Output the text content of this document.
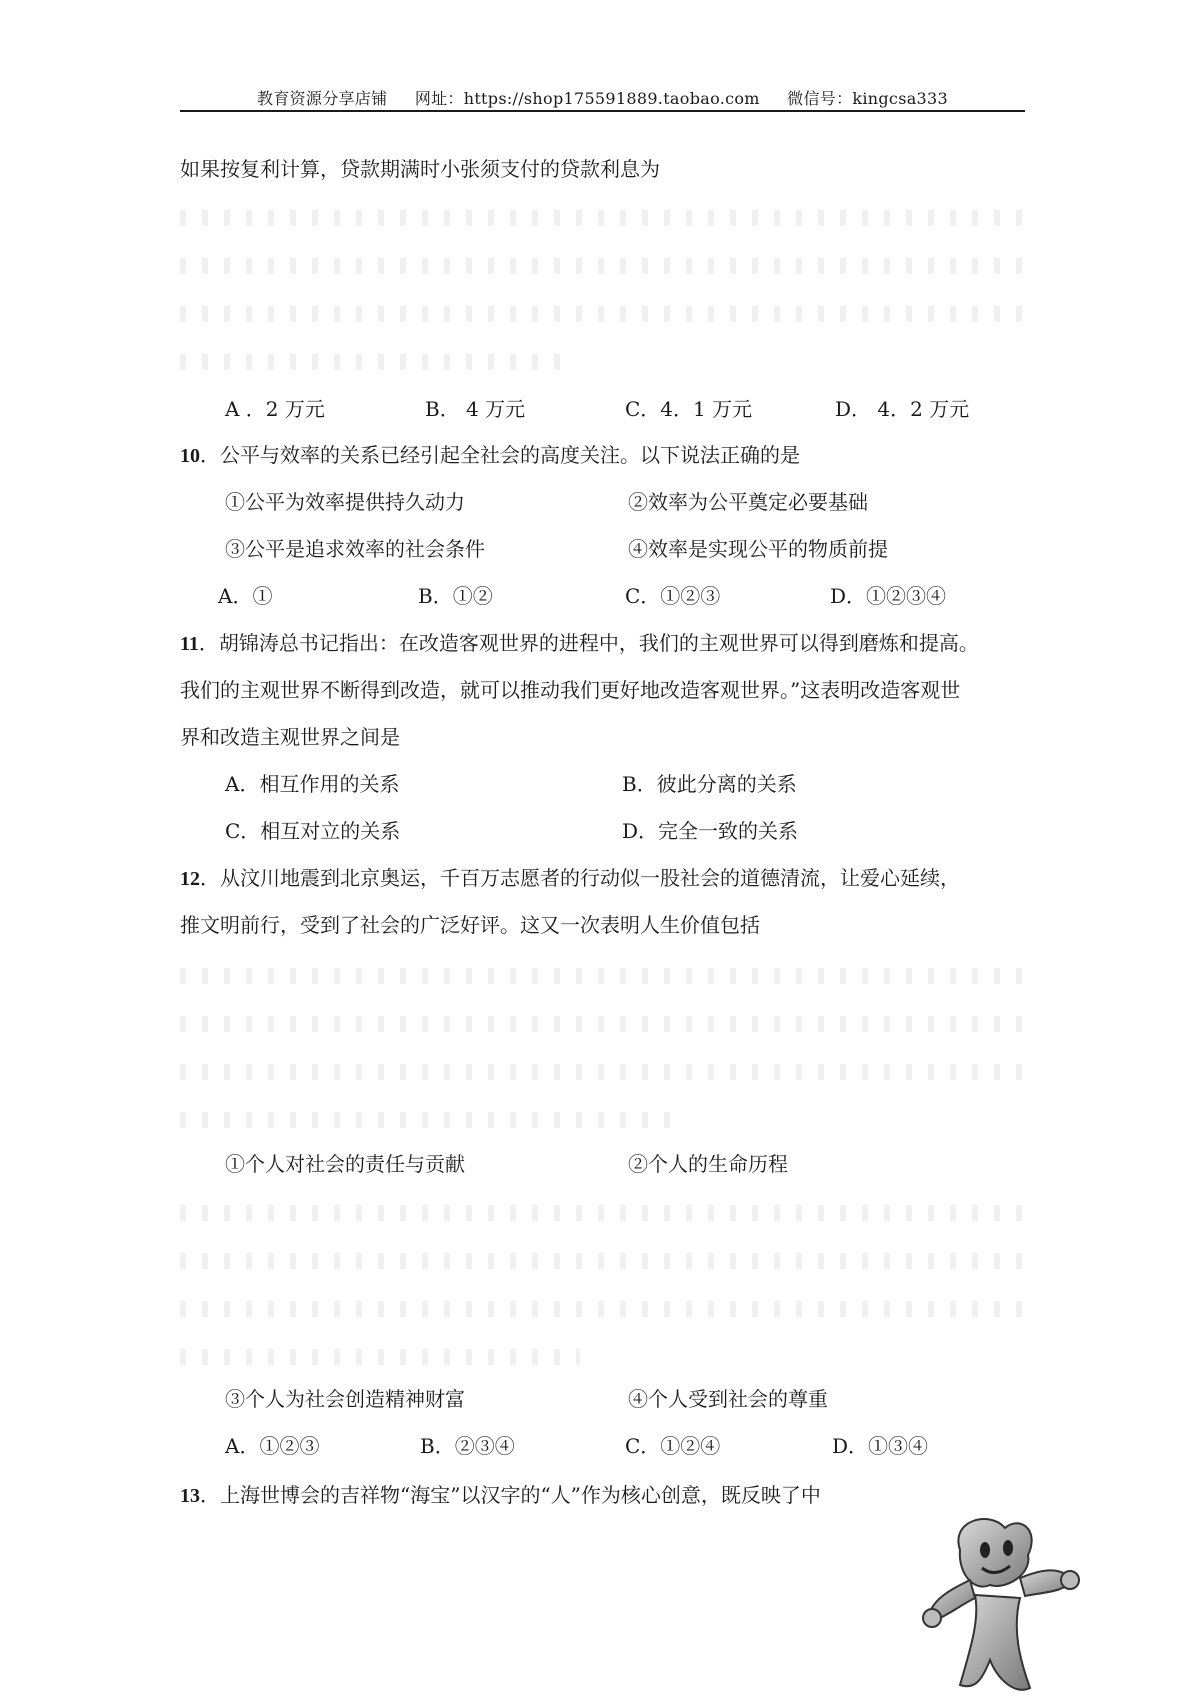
教育资源分享店铺 网址：https://shop175591889.taobao.com 微信号：kingcsa333
如果按复利计算，贷款期满时小张须支付的贷款利息为
A ．2 万元	B． 4 万元	C．4．1 万元	D． 4．2 万元
10．公平与效率的关系已经引起全社会的高度关注。以下说法正确的是
①公平为效率提供持久动力	②效率为公平奠定必要基础
③公平是追求效率的社会条件	④效率是实现公平的物质前提
A．①	B．①②	C．①②③	D．①②③④
11．胡锦涛总书记指出：在改造客观世界的进程中，我们的主观世界可以得到磨炼和提高。
我们的主观世界不断得到改造，就可以推动我们更好地改造客观世界。”这表明改造客观世
界和改造主观世界之间是
A．相互作用的关系	B．彼此分离的关系
C．相互对立的关系	D．完全一致的关系
12．从汶川地震到北京奥运，千百万志愿者的行动似一股社会的道德清流，让爱心延续，
推文明前行，受到了社会的广泛好评。这又一次表明人生价值包括
①个人对社会的责任与贡献	②个人的生命历程
③个人为社会创造精神财富	④个人受到社会的尊重
A．①②③	B．②③④	C．①②④	D．①③④
13．上海世博会的吉祥物“海宝”以汉字的“人”作为核心创意，既反映了中
